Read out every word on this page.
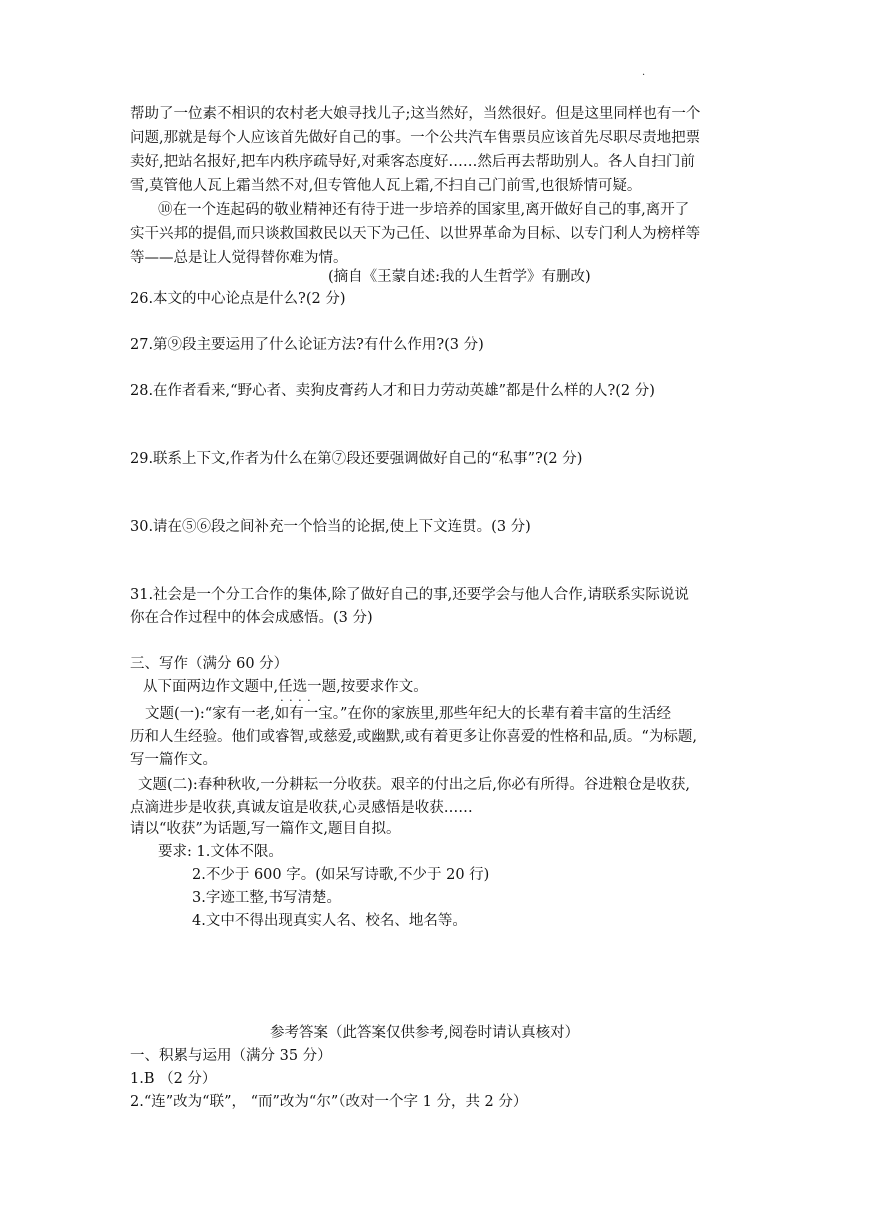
·
帮助了一位素不相识的农村老大娘寻找儿子;这当然好，当然很好。但是这里同样也有一个
问题,那就是每个人应该首先做好自己的事。一个公共汽车售票员应该首先尽职尽责地把票
卖好,把站名报好,把车内秩序疏导好,对乘客态度好……然后再去帮助别人。各人自扫门前
雪,莫管他人瓦上霜当然不对,但专管他人瓦上霜,不扫自己门前雪,也很矫情可疑。
⑩在一个连起码的敬业精神还有待于进一步培养的国家里,离开做好自己的事,离开了
实干兴邦的提倡,而只谈救国救民以天下为己任、以世界革命为目标、以专门利人为榜样等
等——总是让人觉得替你难为情。
(摘自《王蒙自述:我的人生哲学》有删改)
26.本文的中心论点是什么?(2 分)
27.第⑨段主要运用了什么论证方法?有什么作用?(3 分)
28.在作者看来,“野心者、卖狗皮膏药人才和日力劳动英雄”都是什么样的人?(2 分)
29.联系上下文,作者为什么在第⑦段还要强调做好自己的“私事”?(2 分)
30.请在⑤⑥段之间补充一个恰当的论据,使上下文连贯。(3 分)
31.社会是一个分工合作的集体,除了做好自己的事,还要学会与他人合作,请联系实际说说
你在合作过程中的体会成感悟。(3 分)
三、写作（满分 60 分）
从下面两边作文题中,任选一题 · · · ·,按要求作文。
文题(一):“家有一老,如有一宝。”在你的家族里,那些年纪大的长辈有着丰富的生活经
历和人生经验。他们或睿智,或慈爱,或幽默,或有着更多让你喜爱的性格和品,质。“为标题,
写一篇作文。
文题(二):春种秋收,一分耕耘一分收获。艰辛的付出之后,你必有所得。谷进粮仓是收获,
点滴进步是收获,真诚友谊是收获,心灵感悟是收获……
请以“收获”为话题,写一篇作文,题目自拟。
要求: 1.文体不限。
2.不少于 600 字。(如呆写诗歌,不少于 20 行)
3.字迹工整,书写清楚。
4.文中不得出现真实人名、校名、地名等。
参考答案（此答案仅供参考,阅卷时请认真核对）
一、积累与运用（满分 35 分）
1.B （2 分）
2.“连”改为“联”， “而”改为“尔”（改对一个字 1 分，共 2 分）
